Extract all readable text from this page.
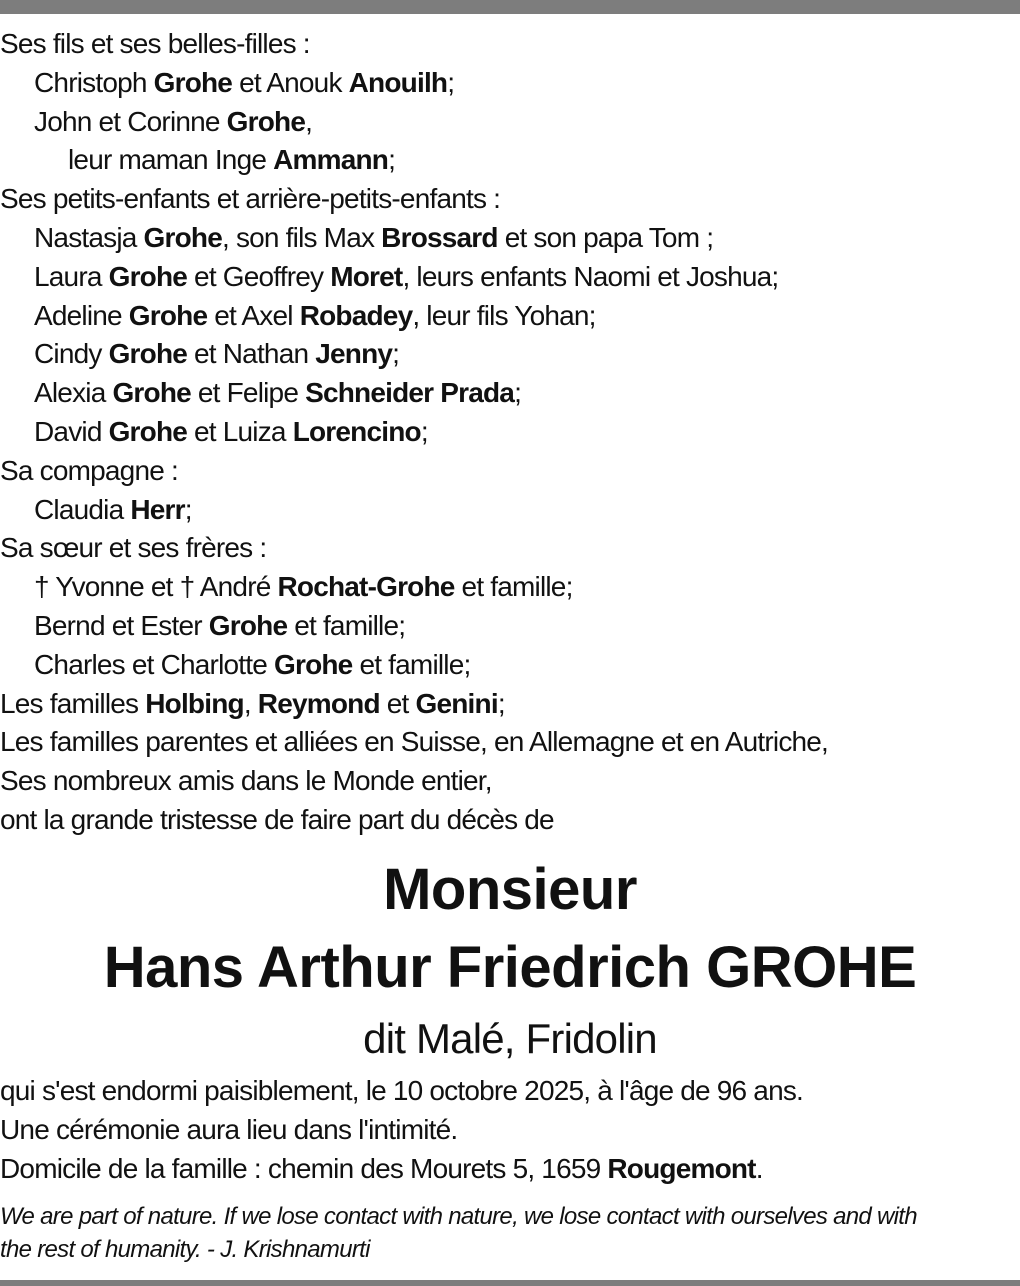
Ses fils et ses belles-filles :
Christoph Grohe et Anouk Anouilh;
John et Corinne Grohe,
leur maman Inge Ammann;
Ses petits-enfants et arrière-petits-enfants :
Nastasja Grohe, son fils Max Brossard et son papa Tom ;
Laura Grohe et Geoffrey Moret, leurs enfants Naomi et Joshua;
Adeline Grohe et Axel Robadey, leur fils Yohan;
Cindy Grohe et Nathan Jenny;
Alexia Grohe et Felipe Schneider Prada;
David Grohe et Luiza Lorencino;
Sa compagne :
Claudia Herr;
Sa sœur et ses frères :
† Yvonne et † André Rochat-Grohe et famille;
Bernd et Ester Grohe et famille;
Charles et Charlotte Grohe et famille;
Les familles Holbing, Reymond et Genini;
Les familles parentes et alliées en Suisse, en Allemagne et en Autriche,
Ses nombreux amis dans le Monde entier,
ont la grande tristesse de faire part du décès de
Monsieur
Hans Arthur Friedrich GROHE
dit Malé, Fridolin
qui s'est endormi paisiblement, le 10 octobre 2025, à l'âge de 96 ans.
Une cérémonie aura lieu dans l'intimité.
Domicile de la famille : chemin des Mourets 5, 1659 Rougemont.
We are part of nature. If we lose contact with nature, we lose contact with ourselves and with
the rest of humanity. - J. Krishnamurti
